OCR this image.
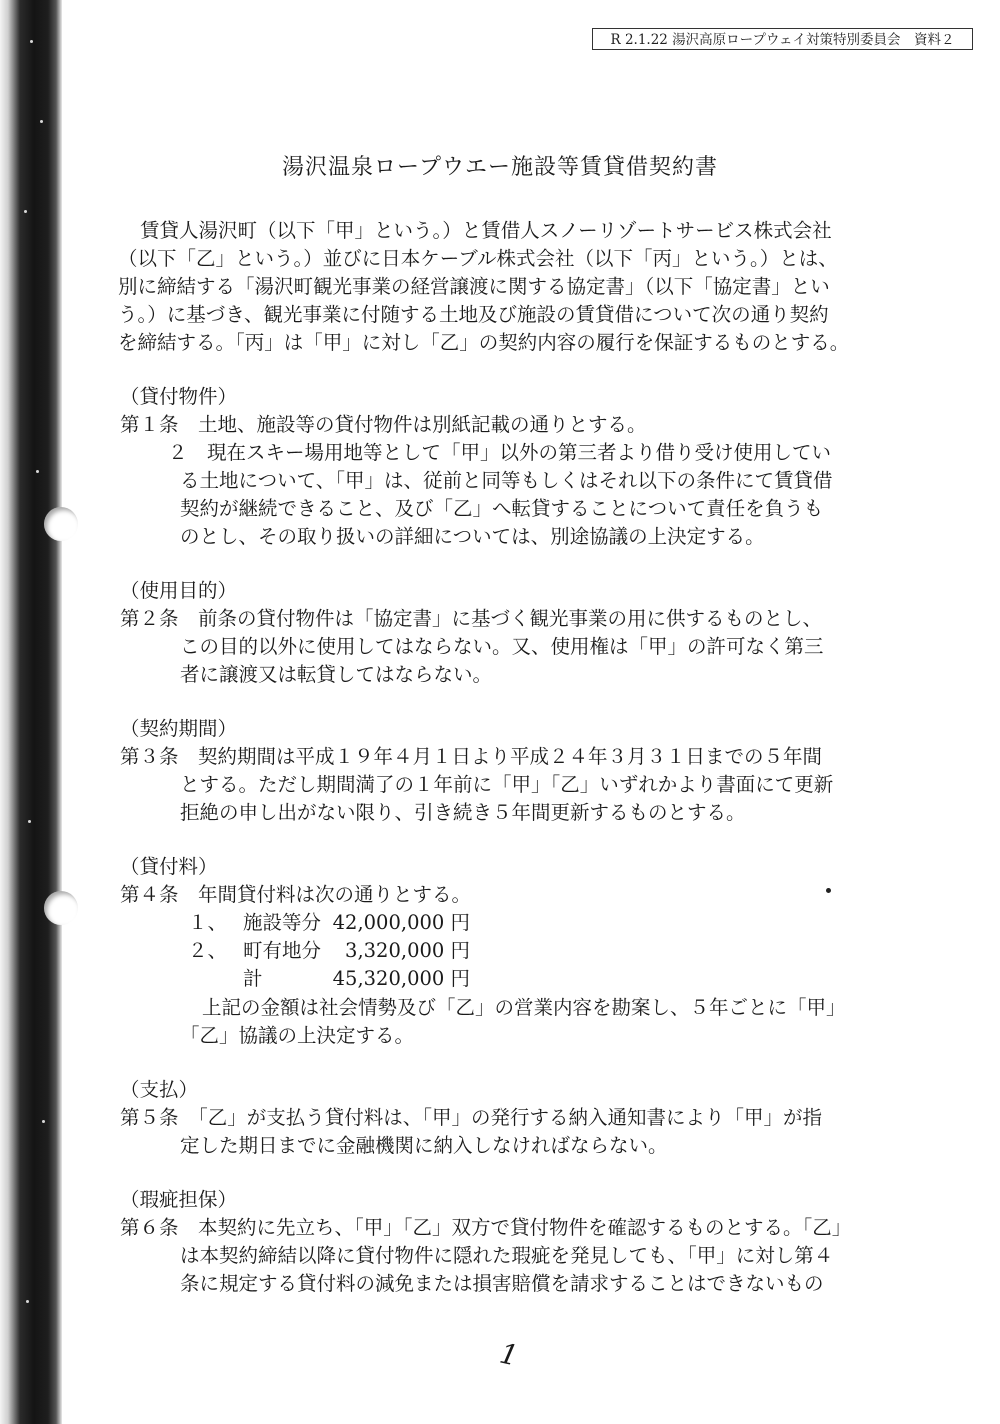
R 2.1.22 湯沢高原ロープウェイ対策特別委員会　資料２
湯沢温泉ロープウエー施設等賃貸借契約書
賃貸人湯沢町（以下「甲」という。）と賃借人スノーリゾートサービス株式会社
（以下「乙」という。）並びに日本ケーブル株式会社（以下「丙」という。）とは、
別に締結する「湯沢町観光事業の経営譲渡に関する協定書」（以下「協定書」とい
う。）に基づき、観光事業に付随する土地及び施設の賃貸借について次の通り契約
を締結する。「丙」は「甲」に対し「乙」の契約内容の履行を保証するものとする。
（貸付物件）
第１条　土地、施設等の貸付物件は別紙記載の通りとする。
２　現在スキー場用地等として「甲」以外の第三者より借り受け使用してい
る土地について、「甲」は、従前と同等もしくはそれ以下の条件にて賃貸借
契約が継続できること、及び「乙」へ転貸することについて責任を負うも
のとし、その取り扱いの詳細については、別途協議の上決定する。
（使用目的）
第２条　前条の貸付物件は「協定書」に基づく観光事業の用に供するものとし、
この目的以外に使用してはならない。又、使用権は「甲」の許可なく第三
者に譲渡又は転貸してはならない。
（契約期間）
第３条　契約期間は平成１９年４月１日より平成２４年３月３１日までの５年間
とする。ただし期間満了の１年前に「甲」「乙」いずれかより書面にて更新
拒絶の申し出がない限り、引き続き５年間更新するものとする。
（貸付料）
第４条　年間貸付料は次の通りとする。
１、 施設等分 42,000,000 円
２、 町有地分	3,320,000 円
計	45,320,000 円
上記の金額は社会情勢及び「乙」の営業内容を勘案し、５年ごとに「甲」
「乙」協議の上決定する。
（支払）
第５条　「乙」が支払う貸付料は、「甲」の発行する納入通知書により「甲」が指
定した期日までに金融機関に納入しなければならない。
（瑕疵担保）
第６条　本契約に先立ち、「甲」「乙」双方で貸付物件を確認するものとする。「乙」
は本契約締結以降に貸付物件に隠れた瑕疵を発見しても、「甲」に対し第４
条に規定する貸付料の減免または損害賠償を請求することはできないもの
1
